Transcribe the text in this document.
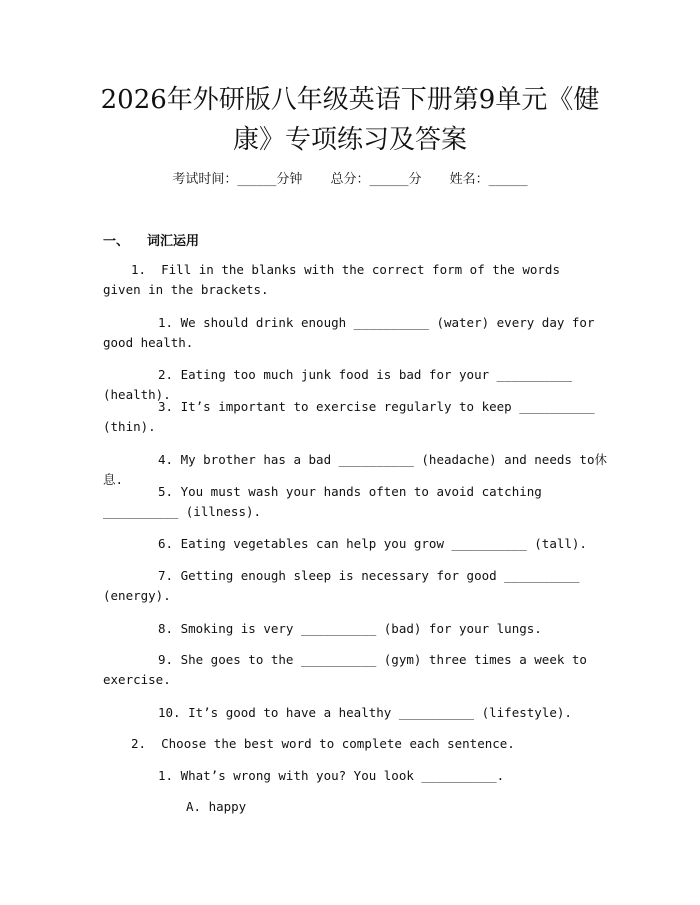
2026年外研版八年级英语下册第9单元《健
康》专项练习及答案
考试时间：______分钟 总分：______分 姓名：______
一、 词汇运用
1. Fill in the blanks with the correct form of the words given in the brackets.
1. We should drink enough __________ (water) every day for good health.
2. Eating too much junk food is bad for your __________ (health).
3. It’s important to exercise regularly to keep __________ (thin).
4. My brother has a bad __________ (headache) and needs to休息.
5. You must wash your hands often to avoid catching __________ (illness).
6. Eating vegetables can help you grow __________ (tall).
7. Getting enough sleep is necessary for good __________ (energy).
8. Smoking is very __________ (bad) for your lungs.
9. She goes to the __________ (gym) three times a week to exercise.
10. It’s good to have a healthy __________ (lifestyle).
2. Choose the best word to complete each sentence.
1. What’s wrong with you? You look __________.
A. happy
